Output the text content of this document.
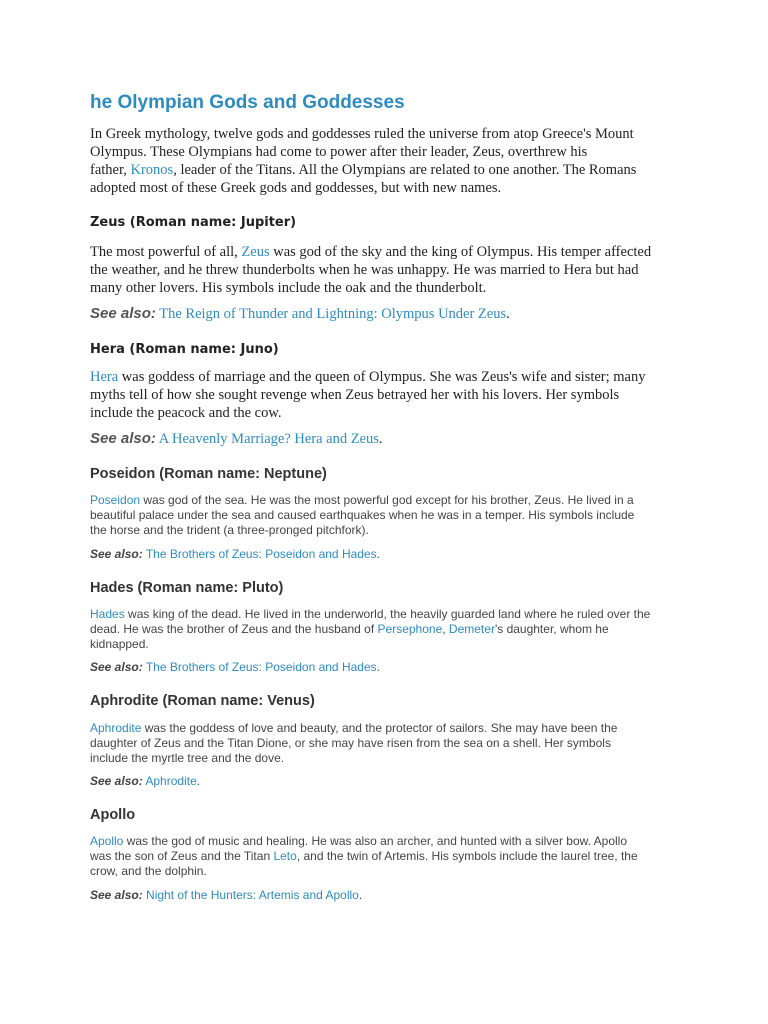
he Olympian Gods and Goddesses
In Greek mythology, twelve gods and goddesses ruled the universe from atop Greece's Mount
Olympus. These Olympians had come to power after their leader, Zeus, overthrew his
father, Kronos, leader of the Titans. All the Olympians are related to one another. The Romans
adopted most of these Greek gods and goddesses, but with new names.
Zeus (Roman name: Jupiter)
The most powerful of all, Zeus was god of the sky and the king of Olympus. His temper affected
the weather, and he threw thunderbolts when he was unhappy. He was married to Hera but had
many other lovers. His symbols include the oak and the thunderbolt.
See also: The Reign of Thunder and Lightning: Olympus Under Zeus.
Hera (Roman name: Juno)
Hera was goddess of marriage and the queen of Olympus. She was Zeus's wife and sister; many
myths tell of how she sought revenge when Zeus betrayed her with his lovers. Her symbols
include the peacock and the cow.
See also: A Heavenly Marriage? Hera and Zeus.
Poseidon (Roman name: Neptune)
Poseidon was god of the sea. He was the most powerful god except for his brother, Zeus. He lived in a
beautiful palace under the sea and caused earthquakes when he was in a temper. His symbols include
the horse and the trident (a three-pronged pitchfork).
See also: The Brothers of Zeus: Poseidon and Hades.
Hades (Roman name: Pluto)
Hades was king of the dead. He lived in the underworld, the heavily guarded land where he ruled over the
dead. He was the brother of Zeus and the husband of Persephone, Demeter's daughter, whom he
kidnapped.
See also: The Brothers of Zeus: Poseidon and Hades.
Aphrodite (Roman name: Venus)
Aphrodite was the goddess of love and beauty, and the protector of sailors. She may have been the
daughter of Zeus and the Titan Dione, or she may have risen from the sea on a shell. Her symbols
include the myrtle tree and the dove.
See also: Aphrodite.
Apollo
Apollo was the god of music and healing. He was also an archer, and hunted with a silver bow. Apollo
was the son of Zeus and the Titan Leto, and the twin of Artemis. His symbols include the laurel tree, the
crow, and the dolphin.
See also: Night of the Hunters: Artemis and Apollo.
